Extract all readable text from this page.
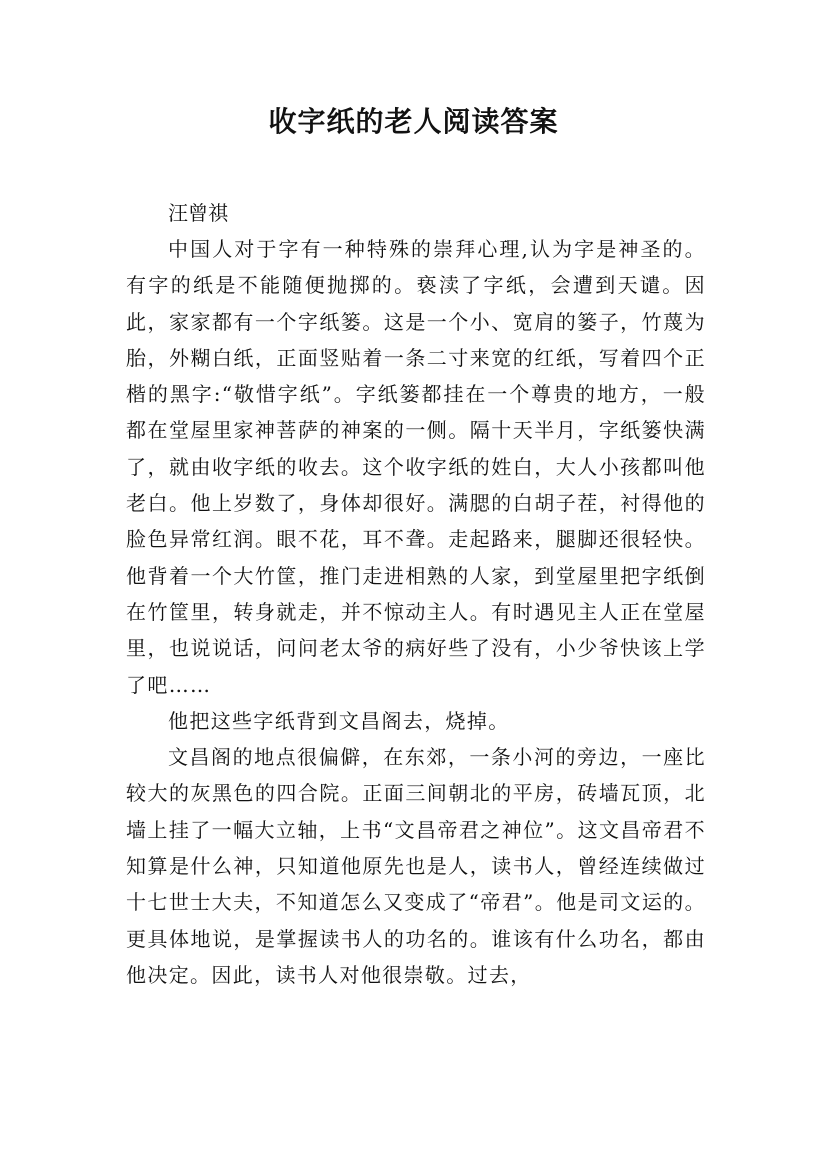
收字纸的老人阅读答案

汪曾祺

中国人对于字有一种特殊的崇拜心理,认为字是神圣的。有字的纸是不能随便抛掷的。亵渎了字纸，会遭到天谴。因此，家家都有一个字纸篓。这是一个小、宽肩的篓子，竹蔑为胎，外糊白纸，正面竖贴着一条二寸来宽的红纸，写着四个正楷的黑字:“敬惜字纸”。字纸篓都挂在一个尊贵的地方，一般都在堂屋里家神菩萨的神案的一侧。隔十天半月，字纸篓快满了，就由收字纸的收去。这个收字纸的姓白，大人小孩都叫他老白。他上岁数了，身体却很好。满腮的白胡子茬，衬得他的脸色异常红润。眼不花，耳不聋。走起路来，腿脚还很轻快。他背着一个大竹筐，推门走进相熟的人家，到堂屋里把字纸倒在竹筐里，转身就走，并不惊动主人。有时遇见主人正在堂屋里，也说说话，问问老太爷的病好些了没有，小少爷快该上学了吧……

他把这些字纸背到文昌阁去，烧掉。

文昌阁的地点很偏僻，在东郊，一条小河的旁边，一座比较大的灰黑色的四合院。正面三间朝北的平房，砖墙瓦顶，北墙上挂了一幅大立轴，上书“文昌帝君之神位”。这文昌帝君不知算是什么神，只知道他原先也是人，读书人，曾经连续做过十七世士大夫，不知道怎么又变成了“帝君”。他是司文运的。更具体地说，是掌握读书人的功名的。谁该有什么功名，都由他决定。因此，读书人对他很崇敬。过去，
